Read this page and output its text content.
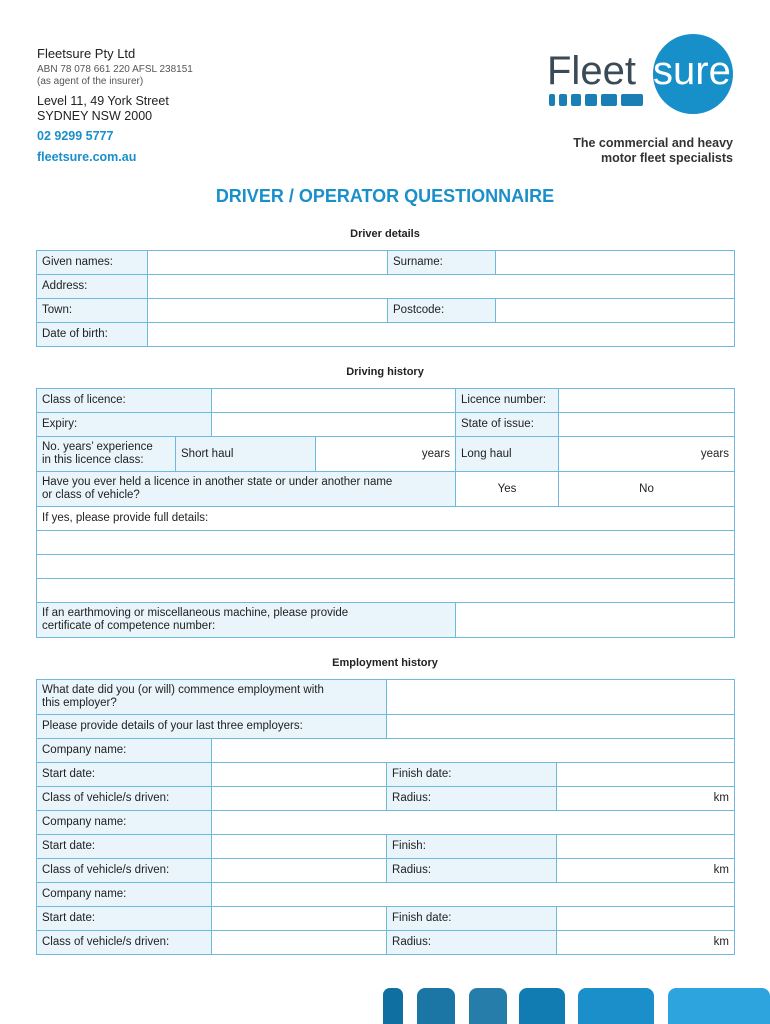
Fleetsure Pty Ltd
ABN 78 078 661 220 AFSL 238151
(as agent of the insurer)
Level 11, 49 York Street
SYDNEY NSW 2000
02 9299 5777
fleetsure.com.au
Fleet sure
The commercial and heavy
motor fleet specialists
DRIVER / OPERATOR QUESTIONNAIRE
Driver details
Given names:		Surname:	
Address:			
Town:		Postcode:	
Date of birth:			
Driving history
Class of licence:				Licence number:	
Expiry:				State of issue:	

No. years’ experience
in this licence class:	Short haul		years	Long haul	years

Have you ever held a licence in another state or under another name
or class of vehicle?				Yes	No
If yes, please provide full details:					

If an earthmoving or miscellaneous machine, please provide
certificate of competence number:					

Employment history
What date did you (or will) commence employment with
this employer?			

Please provide details of your last three employers:			
Company name:			
Start date:		Finish date:	
Class of vehicle/s driven:		Radius:	km
Company name:			
Start date:		Finish:	
Class of vehicle/s driven:		Radius:	km
Company name:			
Start date:		Finish date:	
Class of vehicle/s driven:		Radius:	km
